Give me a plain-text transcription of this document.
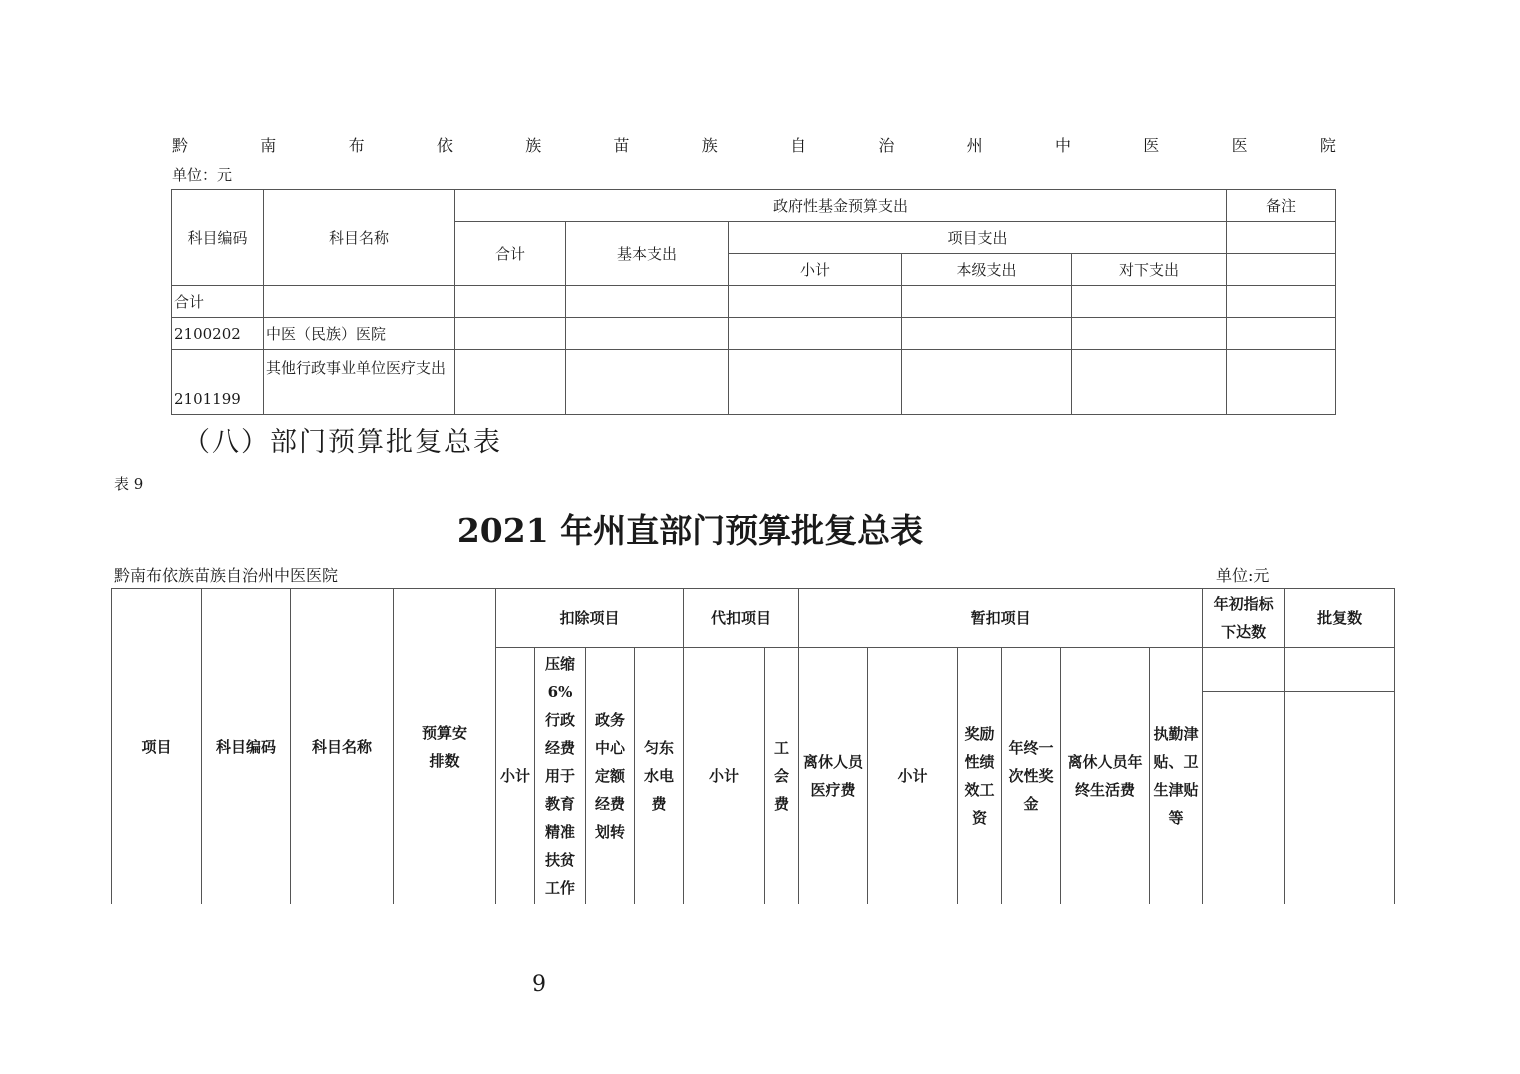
黔	南	布	依	族	苗	族	自	治	州	中	医	医	院
单位：元
科目编码	科目名称	政府性基金预算支出					备注
		合计	基本支出	项目支出			
				小计	本级支出	对下支出	
合计							
2100202	中医（民族）医院						
2101199	其他行政事业单位医疗支出						
（八）部门预算批复总表
表 9
2021 年州直部门预算批复总表
黔南布依族苗族自治州中医医院	单位:元
项目	科目编码	科目名称	预算安排数	扣除项目				代扣项目		暂扣项目						年初指标下达数	批复数
				小计	压缩6%行政经费用于教育精准扶贫工作	政务中心定额经费划转	匀东水电费	小计	工会费	离休人员医疗费	小计	奖励性绩效工资	年终一次性奖金	离休人员年终生活费	执勤津贴、卫生津贴等		

9
